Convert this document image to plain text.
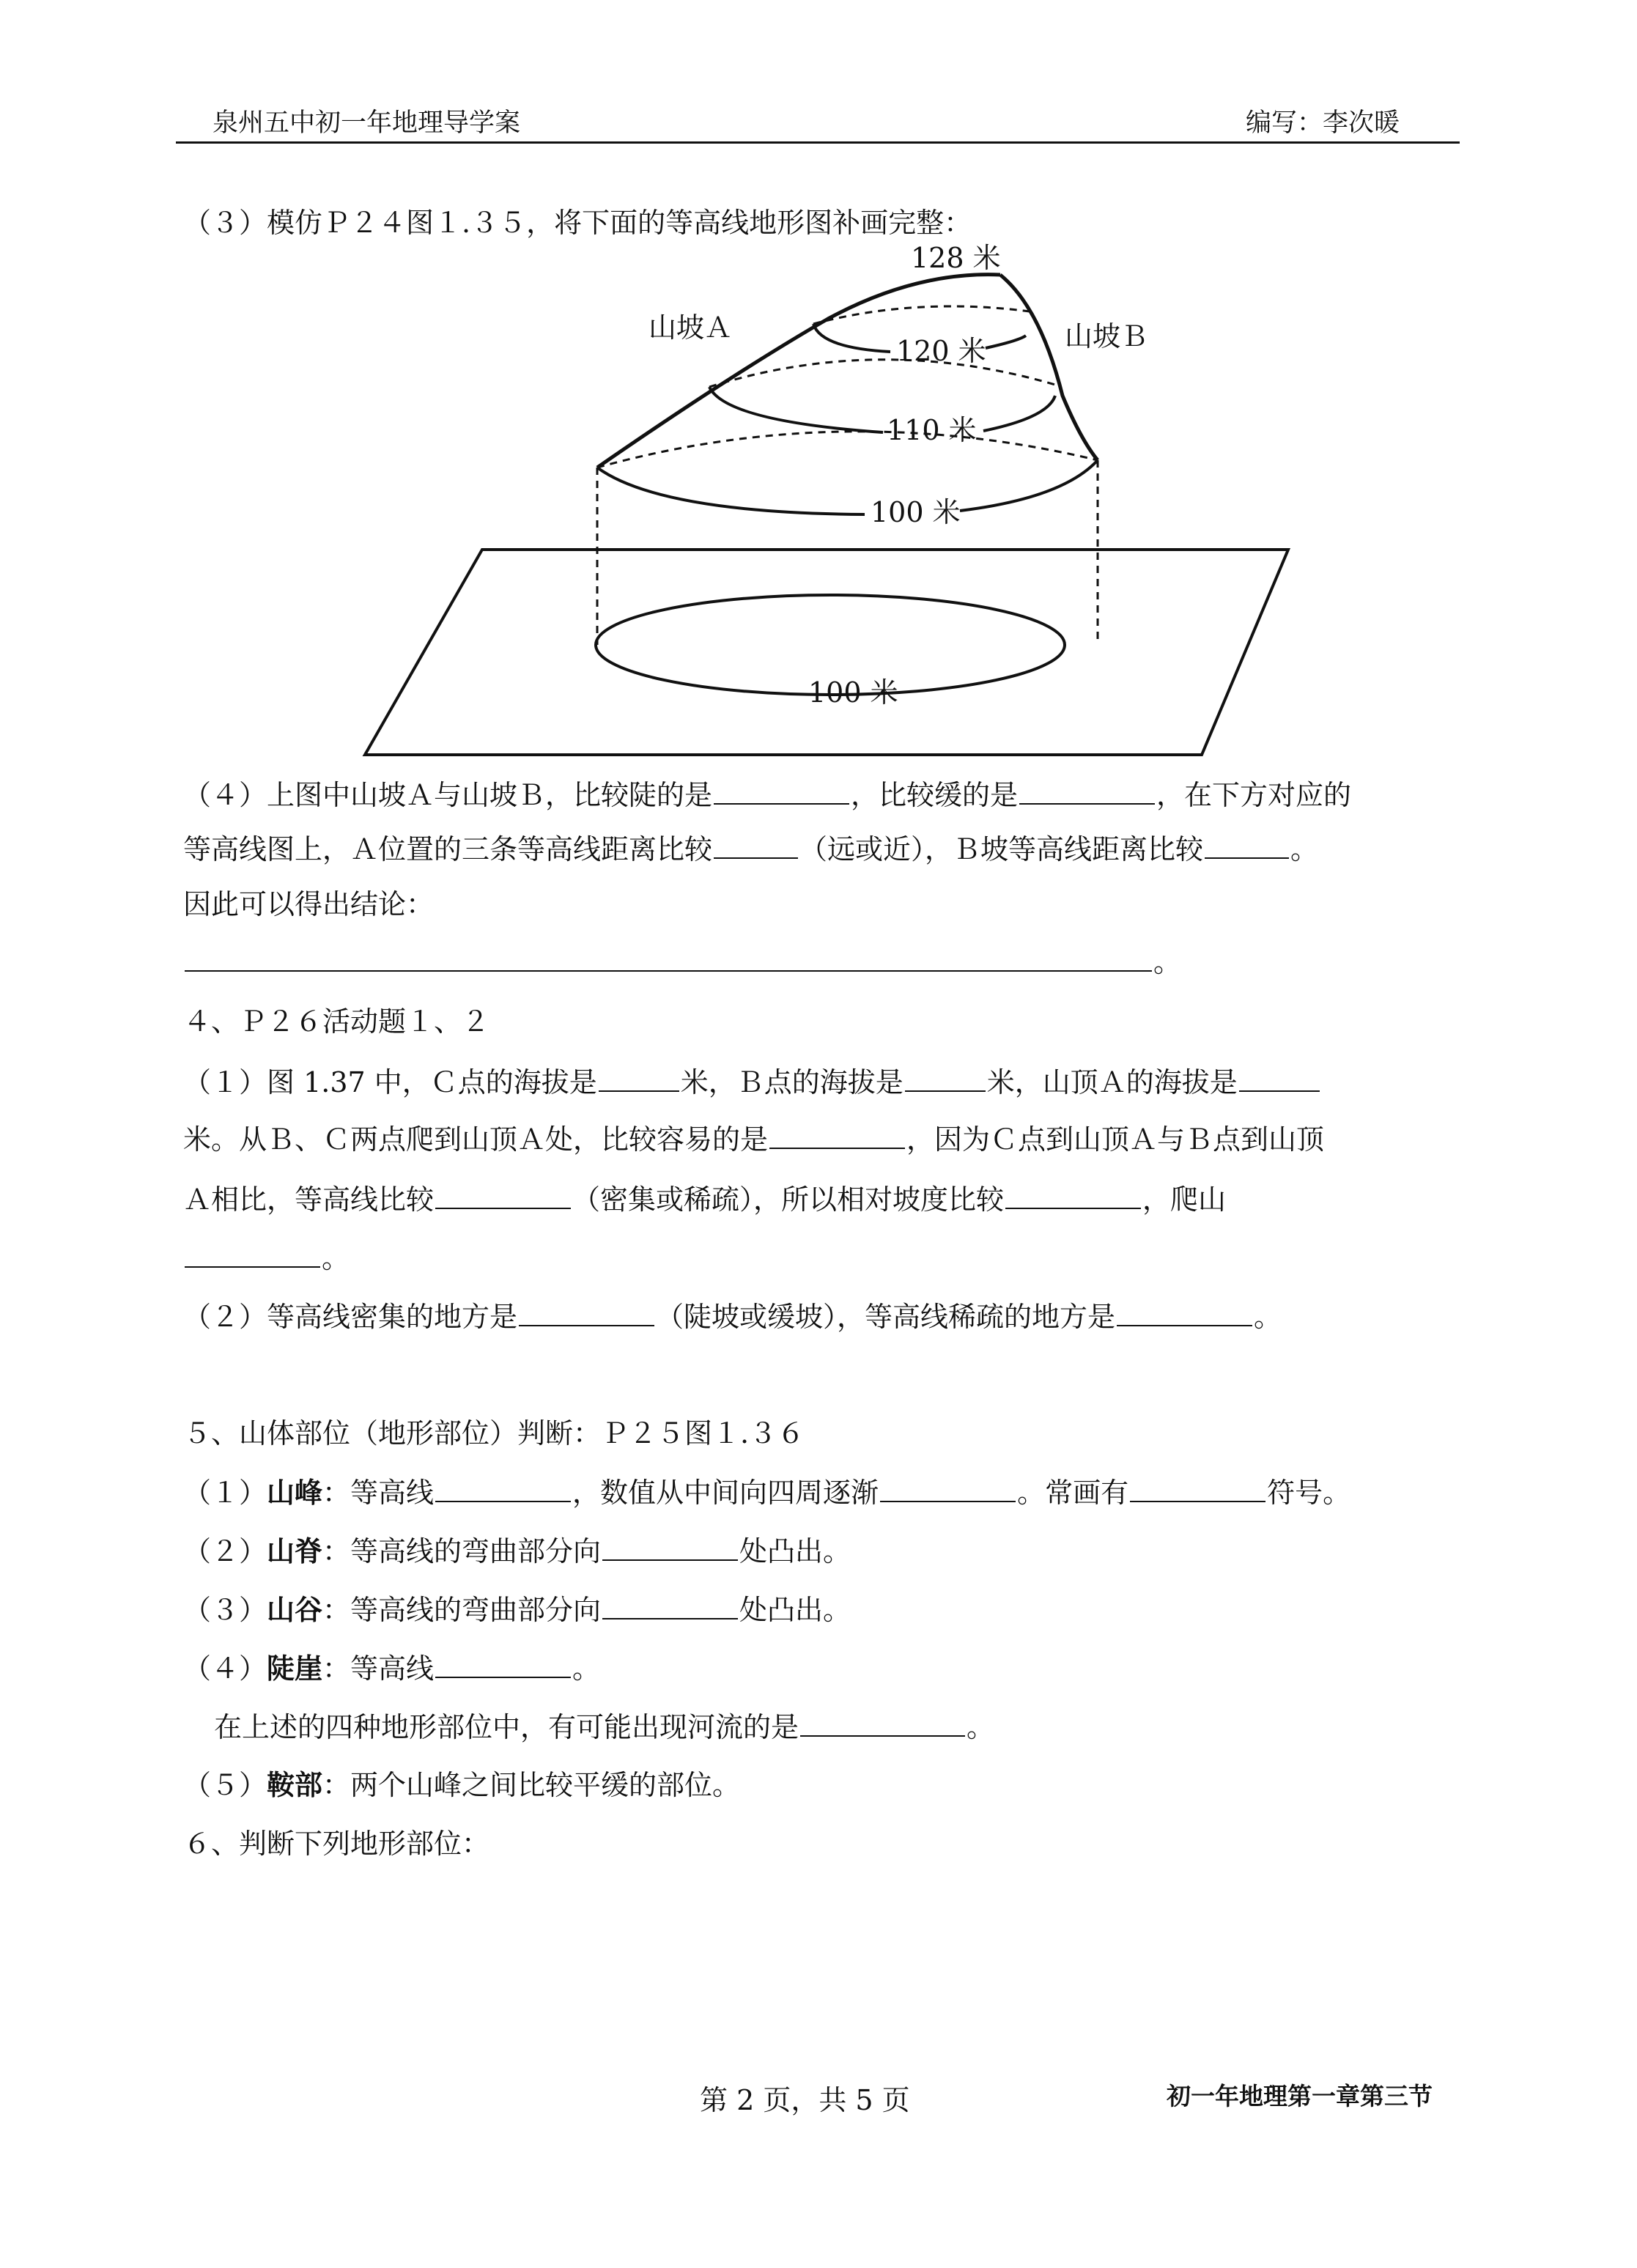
泉州五中初一年地理导学案	编写：李次暖
（３）模仿Ｐ２４图１.３５，将下面的等高线地形图补画完整：
128 米
120 米
110 米
100 米
100 米
山坡Ａ	山坡Ｂ
（４）上图中山坡Ａ与山坡Ｂ，比较陡的是	，比较缓的是	，在下方对应的
等高线图上，Ａ位置的三条等高线距离比较	（远或近），Ｂ坡等高线距离比较	。
因此可以得出结论：
。
４、Ｐ２６活动题１、２
（１）图 1.37 中，Ｃ点的海拔是	米，Ｂ点的海拔是	米，山顶Ａ的海拔是
米。从Ｂ、Ｃ两点爬到山顶Ａ处，比较容易的是	，因为Ｃ点到山顶Ａ与Ｂ点到山顶
Ａ相比，等高线比较	（密集或稀疏），所以相对坡度比较	，爬山
。
（２）等高线密集的地方是	（陡坡或缓坡），等高线稀疏的地方是	。
５、山体部位（地形部位）判断：Ｐ２５图１.３６
（１）山峰：等高线	，数值从中间向四周逐渐	。常画有	符号。
（２）山脊：等高线的弯曲部分向	处凸出。
（３）山谷：等高线的弯曲部分向	处凸出。
（４）陡崖：等高线	。
在上述的四种地形部位中，有可能出现河流的是	。
（５）鞍部：两个山峰之间比较平缓的部位。
６、判断下列地形部位：
第 2 页，共 5 页	初一年地理第一章第三节
